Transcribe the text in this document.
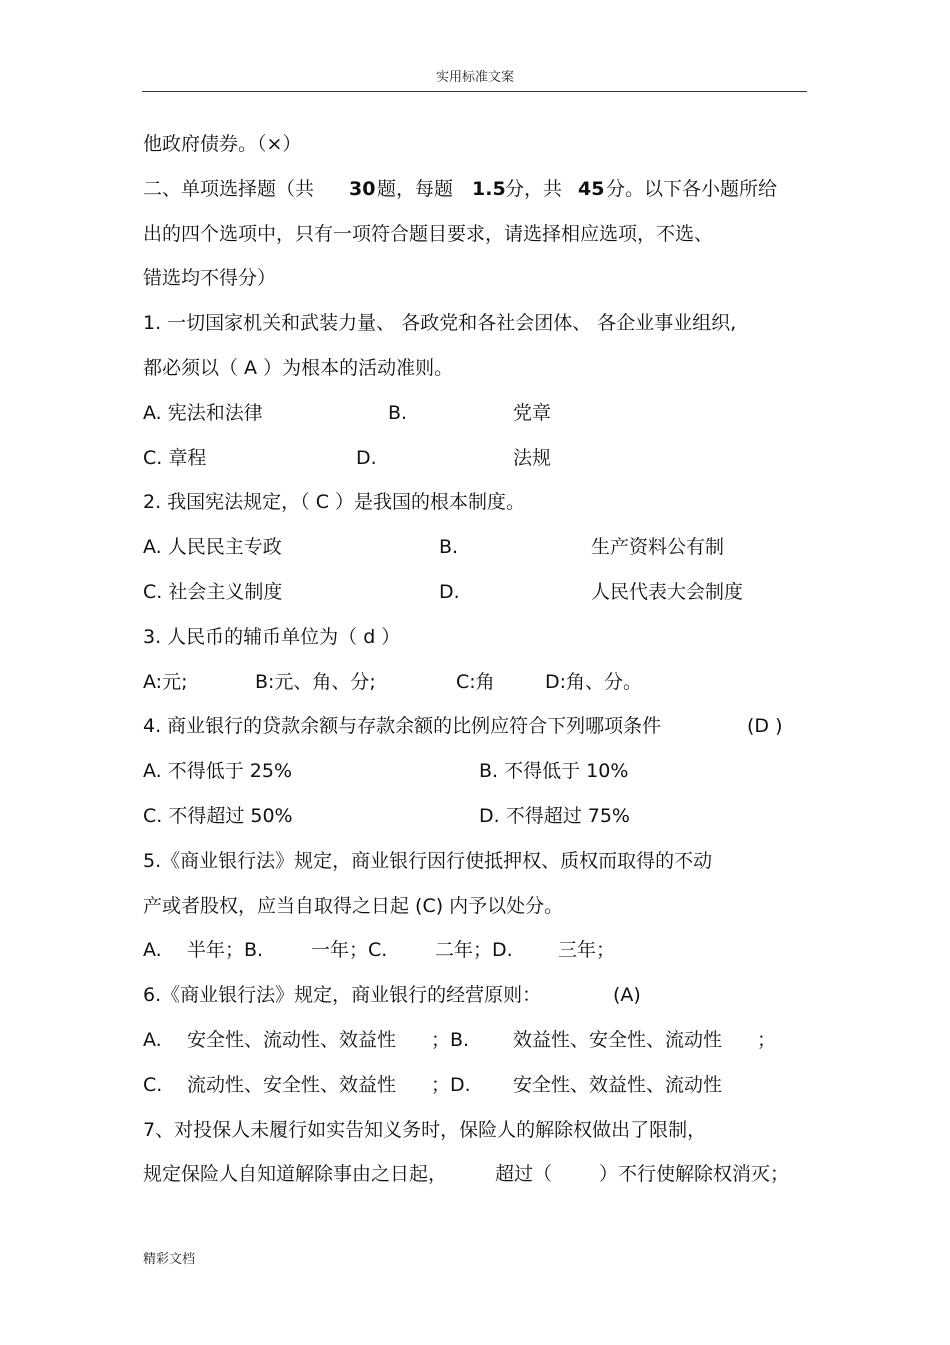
实用标准文案
他政府债券。（×）
二、单项选择题（共 30 题，每题 1.5 分，共 45 分。以下各小题所给
出的四个选项中，只有一项符合题目要求，请选择相应选项，不选、
错选均不得分）
1. 一切国家机关和武装力量、 各政党和各社会团体、 各企业事业组织,
都必须以（ A ）为根本的活动准则。
A. 宪法和法律	B.	党章
C. 章程	D.	法规
2. 我国宪法规定，（ C ）是我国的根本制度。
A. 人民民主专政	B.	生产资料公有制
C. 社会主义制度	D.	人民代表大会制度
3. 人民币的辅币单位为（ d ）
A:元;	B:元、角、分;	C:角	D:角、分。
4. 商业银行的贷款余额与存款余额的比例应符合下列哪项条件	(D )
A. 不得低于 25%	B. 不得低于 10%
C. 不得超过 50%	D. 不得超过 75%
5.《商业银行法》规定，商业银行因行使抵押权、质权而取得的不动
产或者股权，应当自取得之日起 (C) 内予以处分。
A. 半年；B.	一年；C.	二年；D. 三年；
6.《商业银行法》规定，商业银行的经营原则：	(A)
A. 安全性、流动性、效益性 ；B. 效益性、安全性、流动性 ；
C. 流动性、安全性、效益性 ；D. 安全性、效益性、流动性
7、对投保人未履行如实告知义务时，保险人的解除权做出了限制，
规定保险人自知道解除事由之日起，	超过（ ）不行使解除权消灭；
精彩文档
